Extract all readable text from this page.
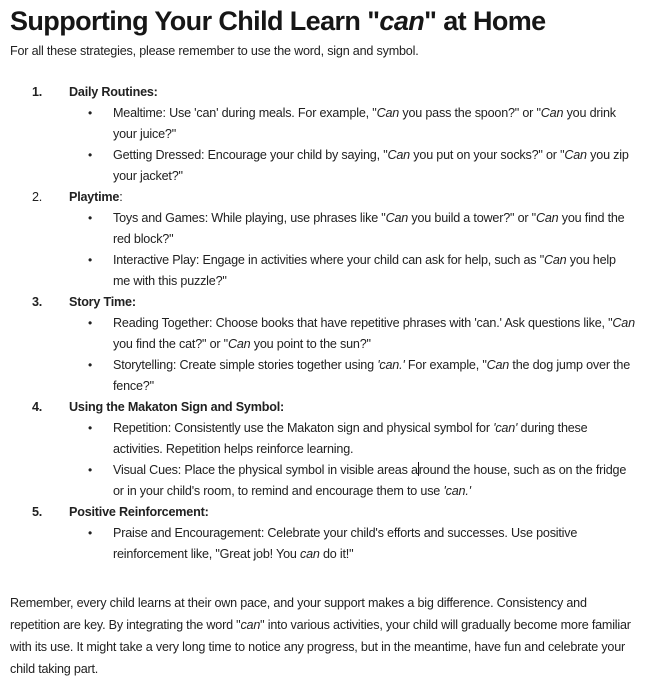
Supporting Your Child Learn "can" at Home

For all these strategies, please remember to use the word, sign and symbol.

1.	Daily Routines:
•	Mealtime: Use 'can' during meals. For example, "Can you pass the spoon?" or "Can you drink your juice?"
•	Getting Dressed: Encourage your child by saying, "Can you put on your socks?" or "Can you zip your jacket?"
2.	Playtime:
•	Toys and Games: While playing, use phrases like "Can you build a tower?" or "Can you find the red block?"
•	Interactive Play: Engage in activities where your child can ask for help, such as "Can you help me with this puzzle?"
3.	Story Time:
•	Reading Together: Choose books that have repetitive phrases with 'can.' Ask questions like, "Can you find the cat?" or "Can you point to the sun?"
•	Storytelling: Create simple stories together using 'can.' For example, "Can the dog jump over the fence?"
4.	Using the Makaton Sign and Symbol:
•	Repetition: Consistently use the Makaton sign and physical symbol for 'can' during these activities. Repetition helps reinforce learning.
•	Visual Cues: Place the physical symbol in visible areas around the house, such as on the fridge or in your child's room, to remind and encourage them to use 'can.'
5.	Positive Reinforcement:
•	Praise and Encouragement: Celebrate your child's efforts and successes. Use positive reinforcement like, "Great job! You can do it!"

Remember, every child learns at their own pace, and your support makes a big difference. Consistency and repetition are key. By integrating the word "can" into various activities, your child will gradually become more familiar with its use. It might take a very long time to notice any progress, but in the meantime, have fun and celebrate your child taking part.
